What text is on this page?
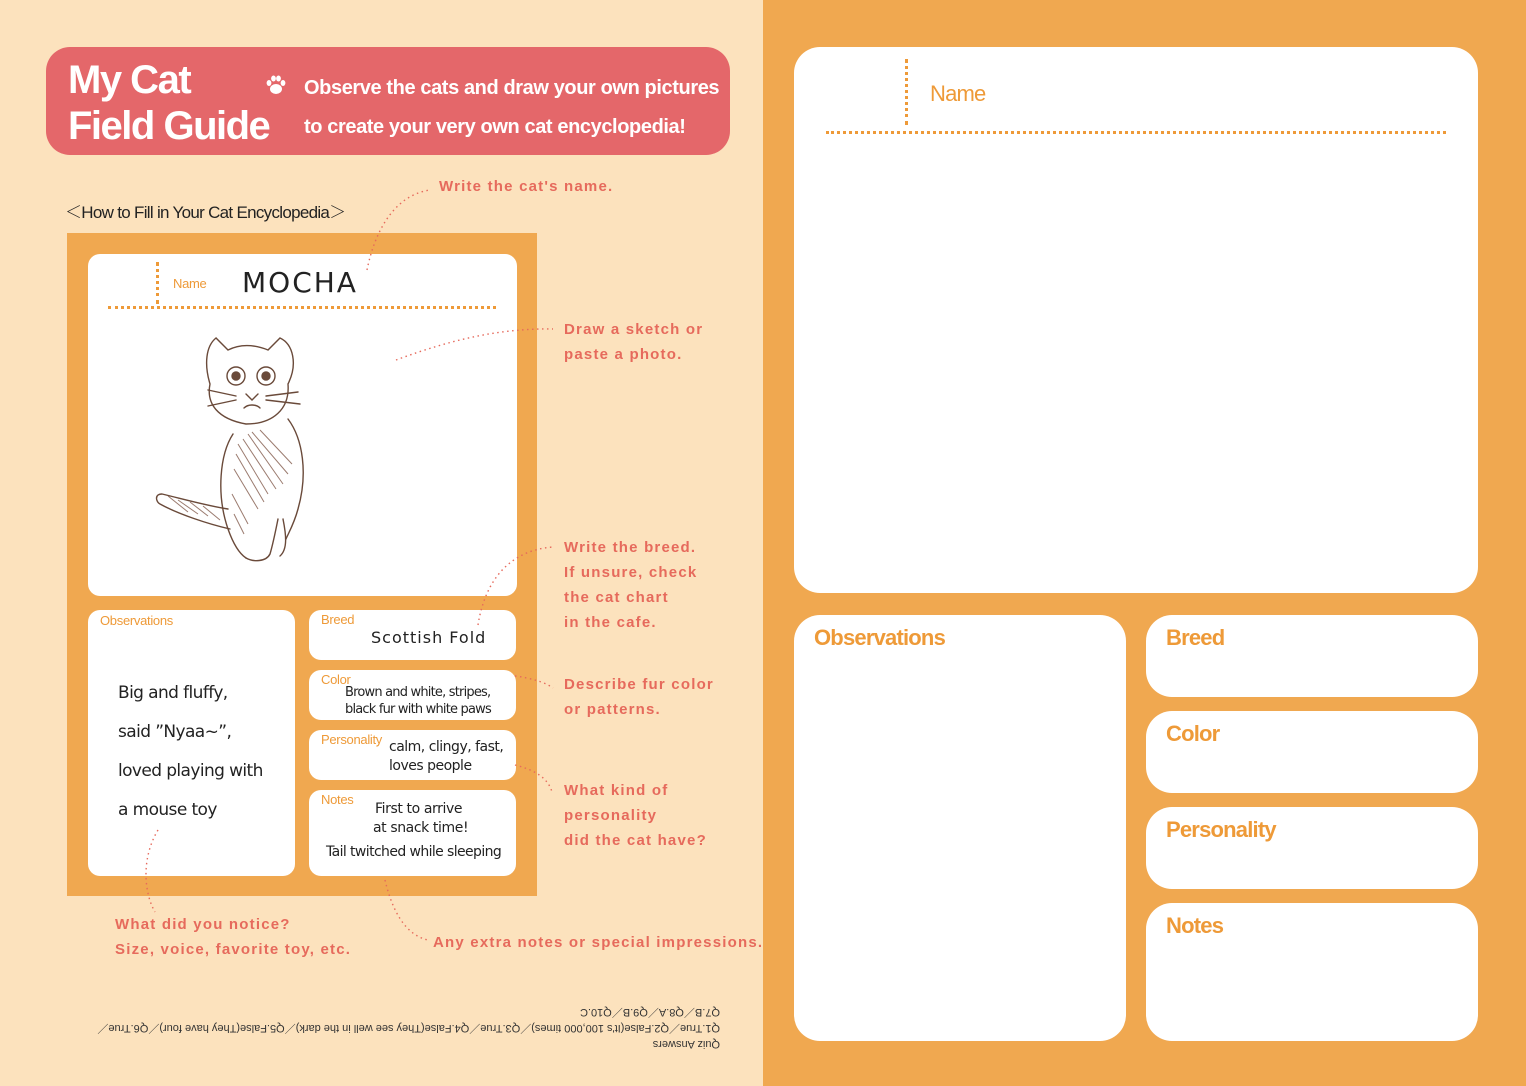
My Cat
Field Guide
Observe the cats and draw your own pictures
to create your very own cat encyclopedia!
＜How to Fill in Your Cat Encyclopedia＞
Name MOCHA
Observations
Big and fluffy,
said ”Nyaa~”,
loved playing with
a mouse toy
Breed
Scottish Fold
Color
Brown and white, stripes,
black fur with white paws
Personality calm, clingy, fast,
loves people
Notes
First to arrive
at snack time!
Tail twitched while sleeping
Write the cat's name.
Draw a sketch or
paste a photo.
Write the breed.
If unsure, check
the cat chart
in the cafe.
Describe fur color
or patterns.
What kind of
personality
did the cat have?
What did you notice?
Size, voice, favorite toy, etc.	Any extra notes or special impressions.
Quiz Answers
Q1.True／Q2.False(It's 100,000 times)／Q3.True／Q4.False(They see well in the dark)／Q5.False(They have four)／Q6.True／
Q7.B／Q8.A／Q9.B／Q10.C
Name
Observations	Breed
Color
Personality
Notes
